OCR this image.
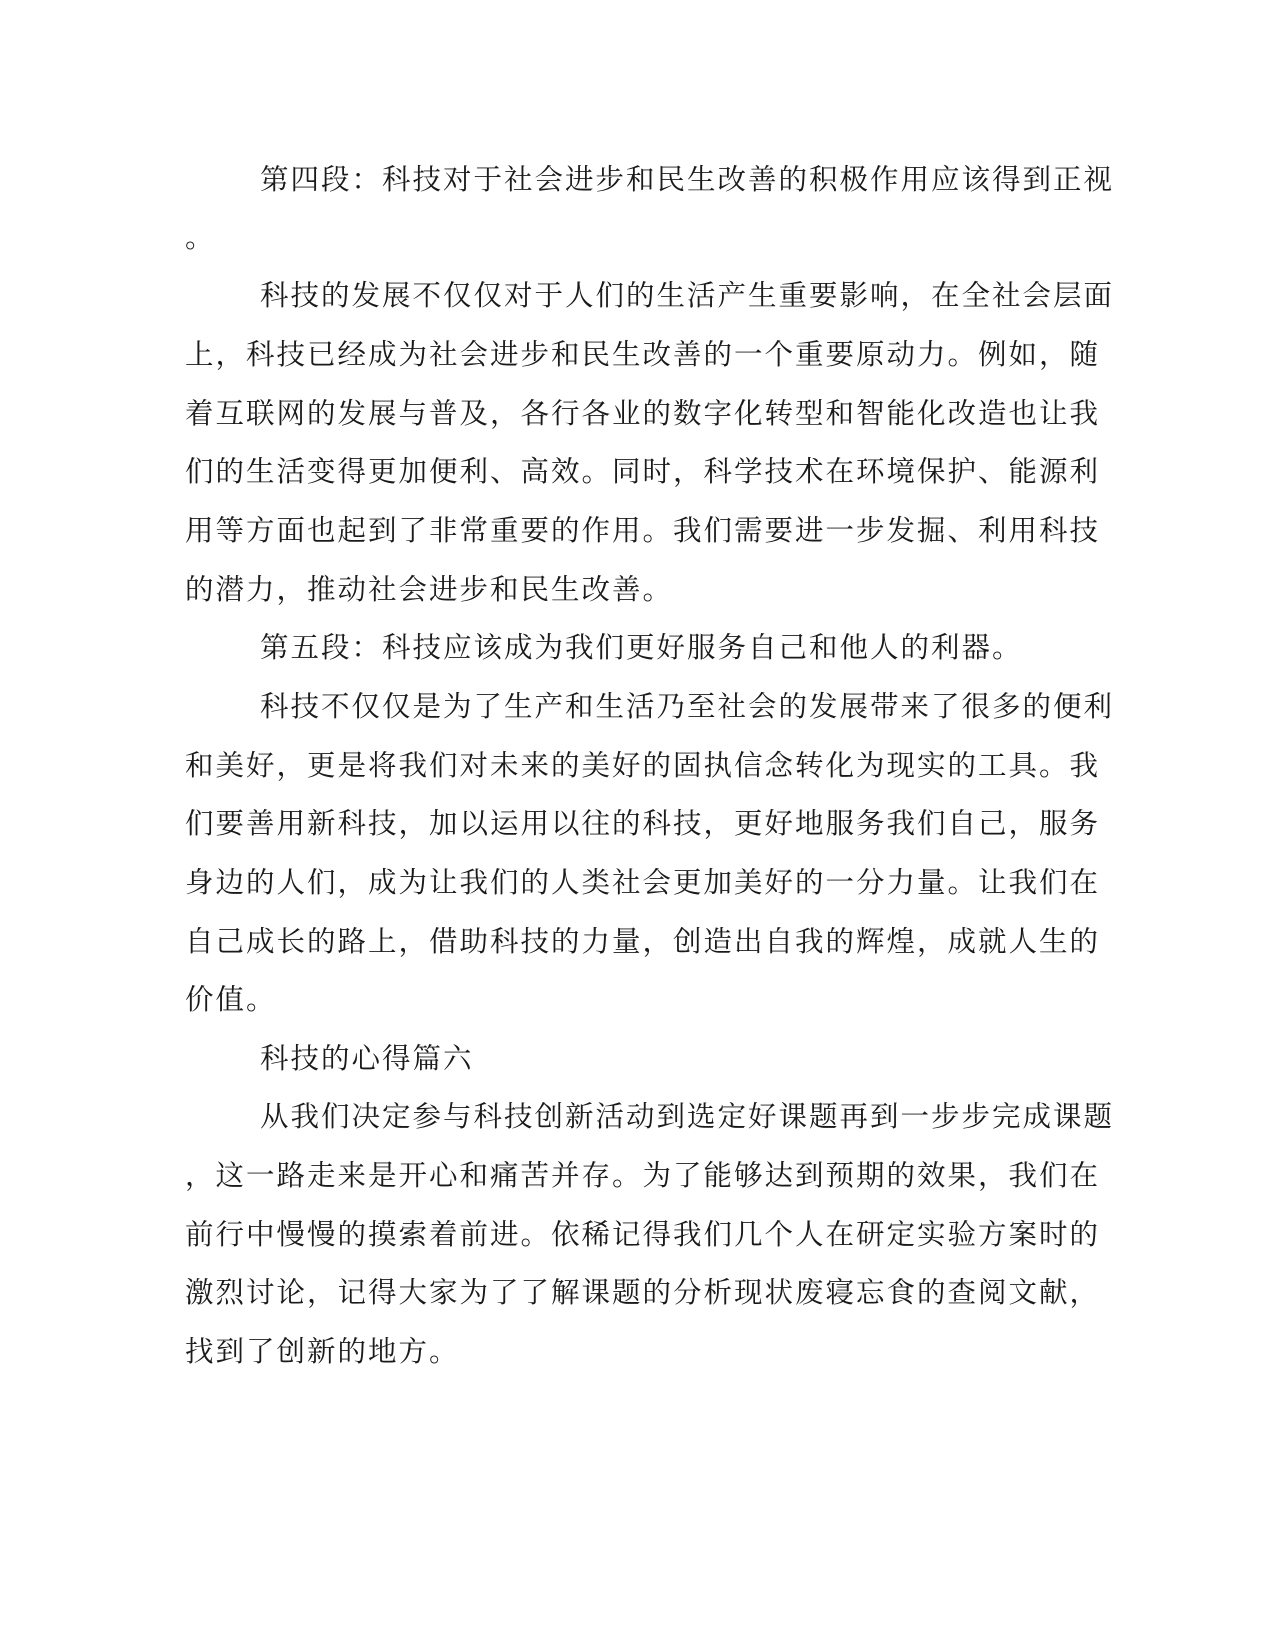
第四段：科技对于社会进步和民生改善的积极作用应该得到正视

。

科技的发展不仅仅对于人们的生活产生重要影响，在全社会层面

上，科技已经成为社会进步和民生改善的一个重要原动力。例如，随

着互联网的发展与普及，各行各业的数字化转型和智能化改造也让我

们的生活变得更加便利、高效。同时，科学技术在环境保护、能源利

用等方面也起到了非常重要的作用。我们需要进一步发掘、利用科技

的潜力，推动社会进步和民生改善。

第五段：科技应该成为我们更好服务自己和他人的利器。

科技不仅仅是为了生产和生活乃至社会的发展带来了很多的便利

和美好，更是将我们对未来的美好的固执信念转化为现实的工具。我

们要善用新科技，加以运用以往的科技，更好地服务我们自己，服务

身边的人们，成为让我们的人类社会更加美好的一分力量。让我们在

自己成长的路上，借助科技的力量，创造出自我的辉煌，成就人生的

价值。

科技的心得篇六

从我们决定参与科技创新活动到选定好课题再到一步步完成课题

，这一路走来是开心和痛苦并存。为了能够达到预期的效果，我们在

前行中慢慢的摸索着前进。依稀记得我们几个人在研定实验方案时的

激烈讨论，记得大家为了了解课题的分析现状废寝忘食的查阅文献，

找到了创新的地方。
